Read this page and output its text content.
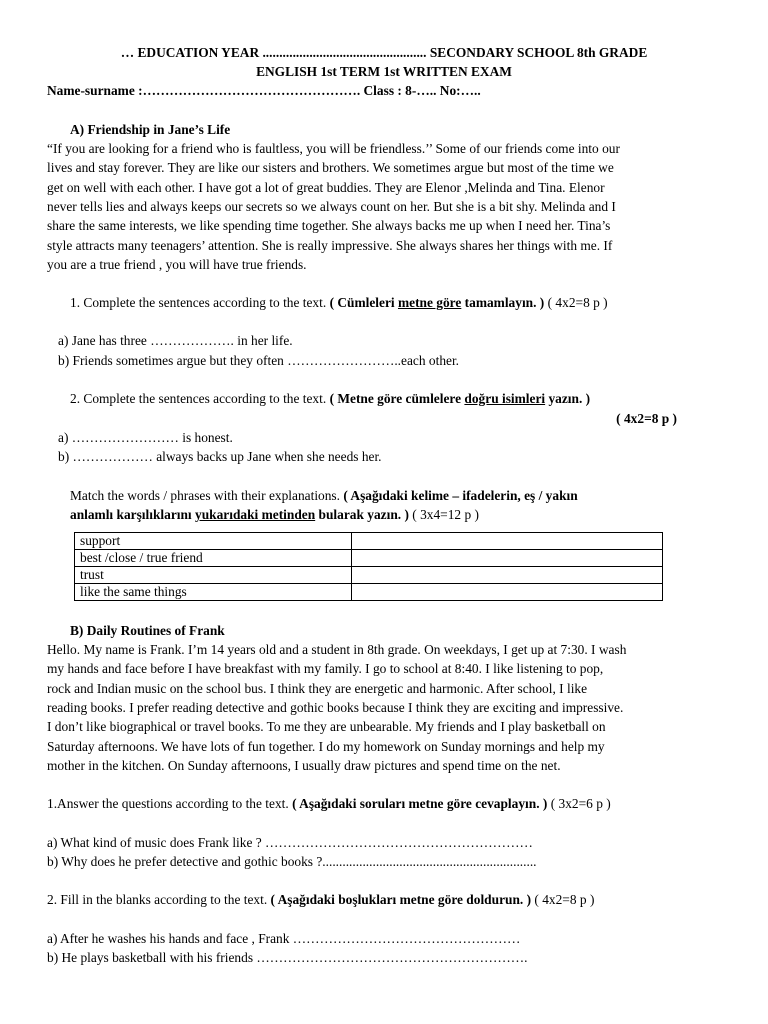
… EDUCATION YEAR ................................................. SECONDARY SCHOOL 8th GRADE
ENGLISH 1st TERM 1st WRITTEN EXAM
Name-surname :…………………………………………. Class : 8-….. No:…..
A) Friendship in Jane’s Life
“If you are looking for a friend who is faultless, you will be friendless.’’ Some of our friends come into our
lives and stay forever. They are like our sisters and brothers. We sometimes argue but most of the time we
get on well with each other. I have got a lot of great buddies. They are Elenor ,Melinda and Tina. Elenor
never tells lies and always keeps our secrets so we always count on her. But she is a bit shy. Melinda and I
share the same interests, we like spending time together. She always backs me up when I need her. Tina’s
style attracts many teenagers’ attention. She is really impressive. She always shares her things with me. If
you are a true friend , you will have true friends.
1. Complete the sentences according to the text. ( Cümleleri metne göre tamamlayın. ) ( 4x2=8 p )
a) Jane has three ………………. in her life.
b) Friends sometimes argue but they often ……………………..each other.
2. Complete the sentences according to the text. ( Metne göre cümlelere doğru isimleri yazın. )
( 4x2=8 p )
a) …………………… is honest.
b) ……………… always backs up Jane when she needs her.
Match the words / phrases with their explanations. ( Aşağıdaki kelime – ifadelerin, eş / yakın
anlamlı karşılıklarını yukarıdaki metinden bularak yazın. ) ( 3x4=12 p )
support	
best /close / true friend	
trust	
like the same things	
B) Daily Routines of Frank
Hello. My name is Frank. I’m 14 years old and a student in 8th grade. On weekdays, I get up at 7:30. I wash
my hands and face before I have breakfast with my family. I go to school at 8:40. I like listening to pop,
rock and Indian music on the school bus. I think they are energetic and harmonic. After school, I like
reading books. I prefer reading detective and gothic books because I think they are exciting and impressive.
I don’t like biographical or travel books. To me they are unbearable. My friends and I play basketball on
Saturday afternoons. We have lots of fun together. I do my homework on Sunday mornings and help my
mother in the kitchen. On Sunday afternoons, I usually draw pictures and spend time on the net.
1.Answer the questions according to the text. ( Aşağıdaki soruları metne göre cevaplayın. ) ( 3x2=6 p )
a) What kind of music does Frank like ? ……………………………………………………
b) Why does he prefer detective and gothic books ?................................................................
2. Fill in the blanks according to the text. ( Aşağıdaki boşlukları metne göre doldurun. ) ( 4x2=8 p )
a) After he washes his hands and face , Frank ……………………………………………
b) He plays basketball with his friends …………………………………………………….
